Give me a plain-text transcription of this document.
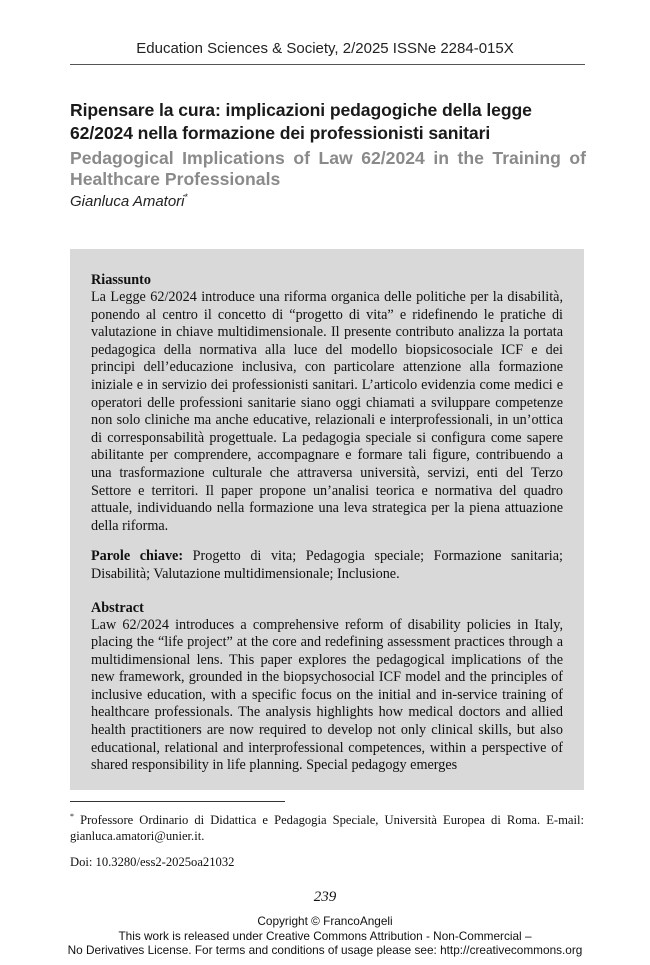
Education Sciences & Society, 2/2025 ISSNe 2284-015X
Ripensare la cura: implicazioni pedagogiche della legge 62/2024 nella formazione dei professionisti sanitari
Pedagogical Implications of Law 62/2024 in the Training of Healthcare Professionals
Gianluca Amatori*
Riassunto
La Legge 62/2024 introduce una riforma organica delle politiche per la disabilità, ponendo al centro il concetto di “progetto di vita” e ridefinendo le pratiche di valutazione in chiave multidimensionale. Il presente contributo analizza la portata pedagogica della normativa alla luce del modello biopsicosociale ICF e dei principi dell’educazione inclusiva, con particolare attenzione alla formazione iniziale e in servizio dei professionisti sanitari. L’articolo evidenzia come medici e operatori delle professioni sanitarie siano oggi chiamati a sviluppare competenze non solo cliniche ma anche educative, relazionali e interprofessionali, in un’ottica di corresponsabilità progettuale. La pedagogia speciale si configura come sapere abilitante per comprendere, accompagnare e formare tali figure, contribuendo a una trasformazione culturale che attraversa università, servizi, enti del Terzo Settore e territori. Il paper propone un’analisi teorica e normativa del quadro attuale, individuando nella formazione una leva strategica per la piena attuazione della riforma.
Parole chiave: Progetto di vita; Pedagogia speciale; Formazione sanitaria; Disabilità; Valutazione multidimensionale; Inclusione.
Abstract
Law 62/2024 introduces a comprehensive reform of disability policies in Italy, placing the “life project” at the core and redefining assessment practices through a multidimensional lens. This paper explores the pedagogical implications of the new framework, grounded in the biopsychosocial ICF model and the principles of inclusive education, with a specific focus on the initial and in-service training of healthcare professionals. The analysis highlights how medical doctors and allied health practitioners are now required to develop not only clinical skills, but also educational, relational and interprofessional competences, within a perspective of shared responsibility in life planning. Special pedagogy emerges
* Professore Ordinario di Didattica e Pedagogia Speciale, Università Europea di Roma. E-mail: gianluca.amatori@unier.it.
Doi: 10.3280/ess2-2025oa21032
239
Copyright © FrancoAngeli
This work is released under Creative Commons Attribution - Non-Commercial –
No Derivatives License. For terms and conditions of usage please see: http://creativecommons.org
